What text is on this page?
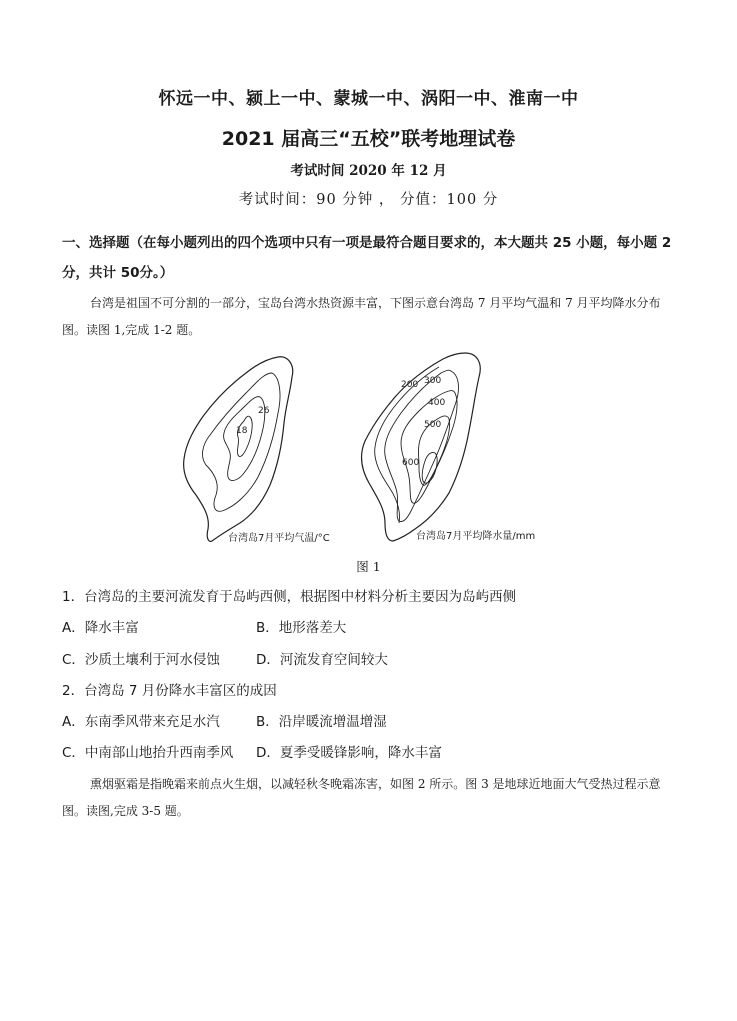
怀远一中、颍上一中、蒙城一中、涡阳一中、淮南一中
2021 届高三“五校”联考地理试卷
考试时间 2020 年 12 月
考试时间：90 分钟 ， 分值：100 分
一、选择题（在每小题列出的四个选项中只有一项是最符合题目要求的，本大题共 25 小题，每小题 2 分，共计 50分。）
台湾是祖国不可分割的一部分，宝岛台湾水热资源丰富，下图示意台湾岛 7 月平均气温和 7 月平均降水分布图。读图 1,完成 1-2 题。
26
18
200 300
400
500
600
台湾岛7月平均气温/°C	台湾岛7月平均降水量/mm
图 1
1．台湾岛的主要河流发育于岛屿西侧，根据图中材料分析主要因为岛屿西侧
A．降水丰富	B．地形落差大
C．沙质土壤利于河水侵蚀	D．河流发育空间较大
2．台湾岛 7 月份降水丰富区的成因
A．东南季风带来充足水汽	B．沿岸暖流增温增湿
C．中南部山地抬升西南季风 D．夏季受暖锋影响，降水丰富
熏烟驱霜是指晚霜来前点火生烟，以减轻秋冬晚霜冻害，如图 2 所示。图 3 是地球近地面大气受热过程示意图。读图,完成 3-5 题。
